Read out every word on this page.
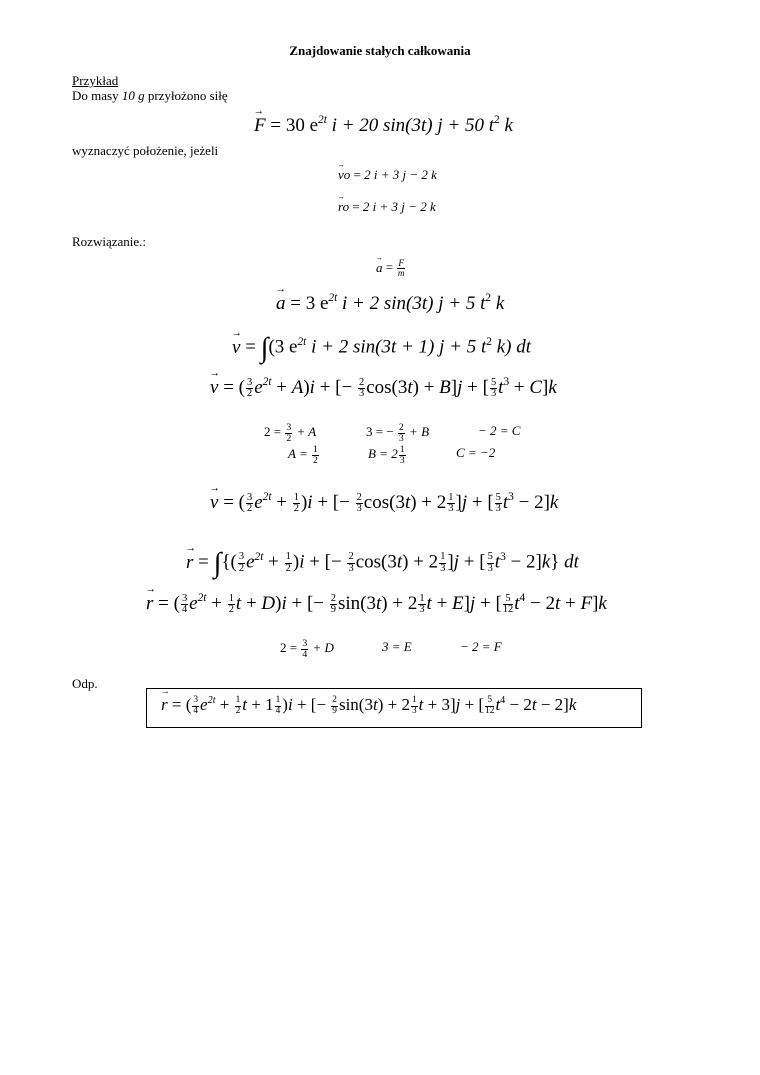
Znajdowanie stałych całkowania
Przykład
Do masy 10 g przyłożono siłę
→ F = 30 $e^{2t}$ i + 20 sin(3t) j + 50 $t^2$ k
wyznaczyć położenie, jeżeli
→ vo = 2 i + 3 j − 2 k
→ ro = 2 i + 3 j − 2 k
Rozwiązanie.:
→ $a = \frac{F}{m}$
→ a = 3 $e^{2t}$ i + 2 sin(3t) j + 5 $t^2$ k
→ v = ∫(3 $e^{2t}$ i + 2 sin(3t + 1) j + 5 $t^2$ k) dt
→ v = ( $\frac{3}{2} e^{2t} + A)i$ + [− $\frac{2}{3} \cos(3t) + B]j$ + [ $\frac{5}{3} t^3 + C]k$
$2 = \frac{3}{2} + A$	3 = − $\frac{2}{3} + B$	− 2 = C
$A = \frac{1}{2}$	$B = 2 \frac{1}{3}$	C = −2
→ v = ( $\frac{3}{2} e^{2t} + \frac{1}{2} )i$ + [− $\frac{2}{3} \cos(3t) + 2 \frac{1}{3} ]j$ + [ $\frac{5}{3} t^3 - 2]k$
→ r = ∫{( $\frac{3}{2} e^{2t} + \frac{1}{2} )i$ + [− $\frac{2}{3} \cos(3t) + 2 \frac{1}{3} ]j$ + [ $\frac{5}{3} t^3 - 2]k$} dt
→ r = ( $\frac{3}{4} e^{2t} + \frac{1}{2}$ t + D)i + [− $\frac{2}{9} \sin(3t) + 2 \frac{1}{3}$ t + E]j + [ $\frac{5}{12} t^4 - 2t + F]k$
$2 = \frac{3}{4} + D$	3 = E	− 2 = F
Odp.
→ r = ( $\frac{3}{4} e^{2t} + \frac{1}{2}$ $t + 1 \frac{1}{4} )i$ + [− $\frac{2}{9} \sin(3t) + 2 \frac{1}{3}$ t + 3]j + [ $\frac{5}{12} t^4 - 2t - 2]k$
